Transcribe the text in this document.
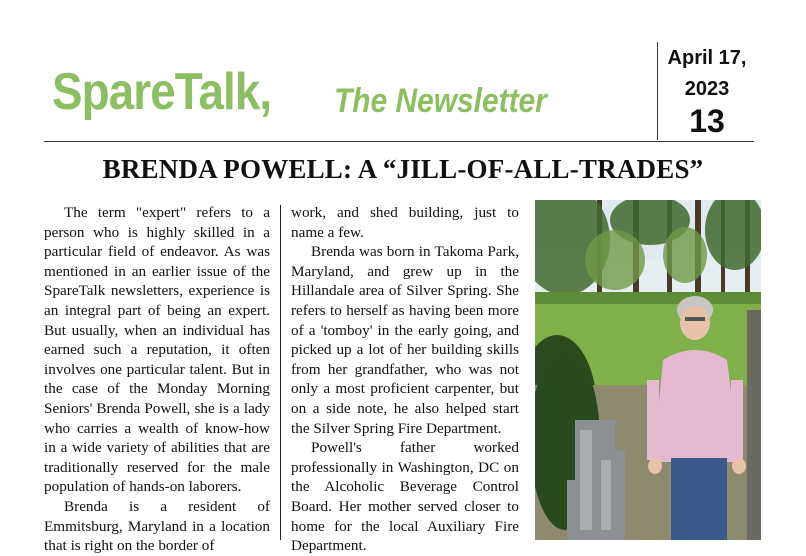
SpareTalk, The Newsletter
April 17,
2023
13
BRENDA POWELL: A “JILL-OF-ALL-TRADES”

The term "expert" refers to a person who is highly skilled in a particular field of endeavor. As was mentioned in an earlier issue of the SpareTalk newsletters, experience is an integral part of being an expert. But usually, when an individual has earned such a reputation, it often involves one particular talent. But in the case of the Monday Morning Seniors' Brenda Powell, she is a lady who carries a wealth of know-how in a wide variety of abilities that are traditionally reserved for the male population of hands-on laborers.

Brenda is a resident of Emmitsburg, Maryland in a location that is right on the border of

work, and shed building, just to name a few.

Brenda was born in Takoma Park, Maryland, and grew up in the Hillandale area of Silver Spring. She refers to herself as having been more of a 'tomboy' in the early going, and picked up a lot of her building skills from her grandfather, who was not only a most proficient carpenter, but on a side note, he also helped start the Silver Spring Fire Department.

Powell's father worked professionally in Washington, DC on the Alcoholic Beverage Control Board. Her mother served closer to home for the local Auxiliary Fire Department.
